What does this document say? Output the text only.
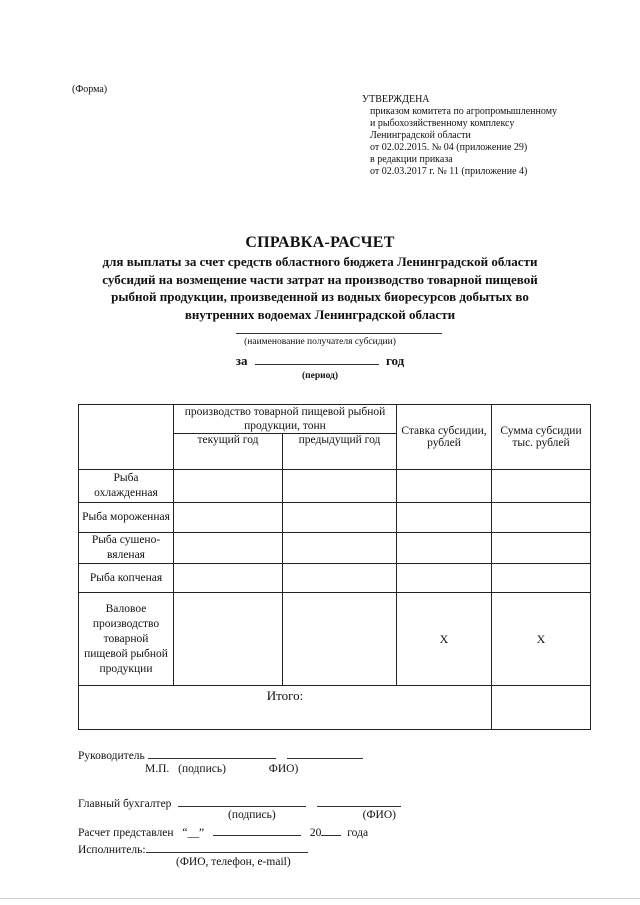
(Форма)
УТВЕРЖДЕНА
приказом комитета по агропромышленному
и рыбохозяйственному комплексу
Ленинградской области
от 02.02.2015. № 04 (приложение 29)
в редакции приказа
от 02.03.2017 г. № 11 (приложение 4)
СПРАВКА-РАСЧЕТ
для выплаты за счет средств областного бюджета Ленинградской области
субсидий на возмещение части затрат на производство товарной пищевой
рыбной продукции, произведенной из водных биоресурсов добытых во
внутренних водоемах Ленинградской области
(наименование получателя субсидии)
за	год
(период)
	производство товарной пищевой рыбной продукции, тонн		Ставка субсидии, рублей	Сумма субсидии тыс. рублей
	текущий год	предыдущий год		
Рыба охлажденная				
Рыба мороженная				
Рыба сушено-вяленая				
Рыба копченая				
Валовое производство товарной пищевой рыбной продукции			X	X
Итого:				
Руководитель
М.П. (подпись)	ФИО)
Главный бухгалтер
(подпись)	(ФИО)
Расчет представлен “__”	20 года
Исполнитель:
(ФИО, телефон, e-mail)
